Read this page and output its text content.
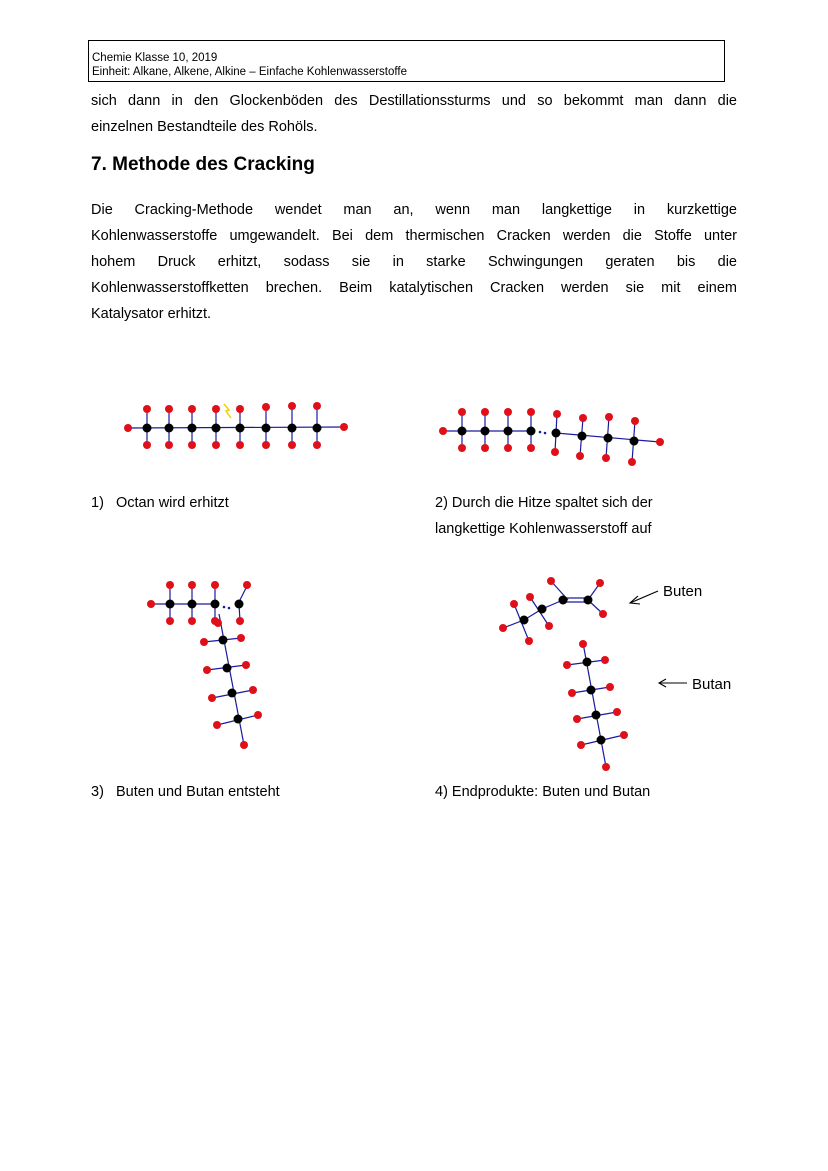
Chemie Klasse 10, 2019
Einheit: Alkane, Alkene, Alkine – Einfache Kohlenwasserstoffe

sich dann in den Glockenböden des Destillationssturms und so bekommt man dann die

einzelnen Bestandteile des Rohöls.

7. Methode des Cracking

Die Cracking-Methode wendet man an, wenn man langkettige in kurzkettige

Kohlenwasserstoffe umgewandelt. Bei dem thermischen Cracken werden die Stoffe unter

hohem Druck erhitzt, sodass sie in starke Schwingungen geraten bis die

Kohlenwasserstoffketten brechen. Beim katalytischen Cracken werden sie mit einem

Katalysator erhitzt.

Buten
Butan
1) Octan wird erhitzt	2) Durch die Hitze spaltet sich der
langkettige Kohlenwasserstoff auf
3) Buten und Butan entsteht	4) Endprodukte: Buten und Butan
